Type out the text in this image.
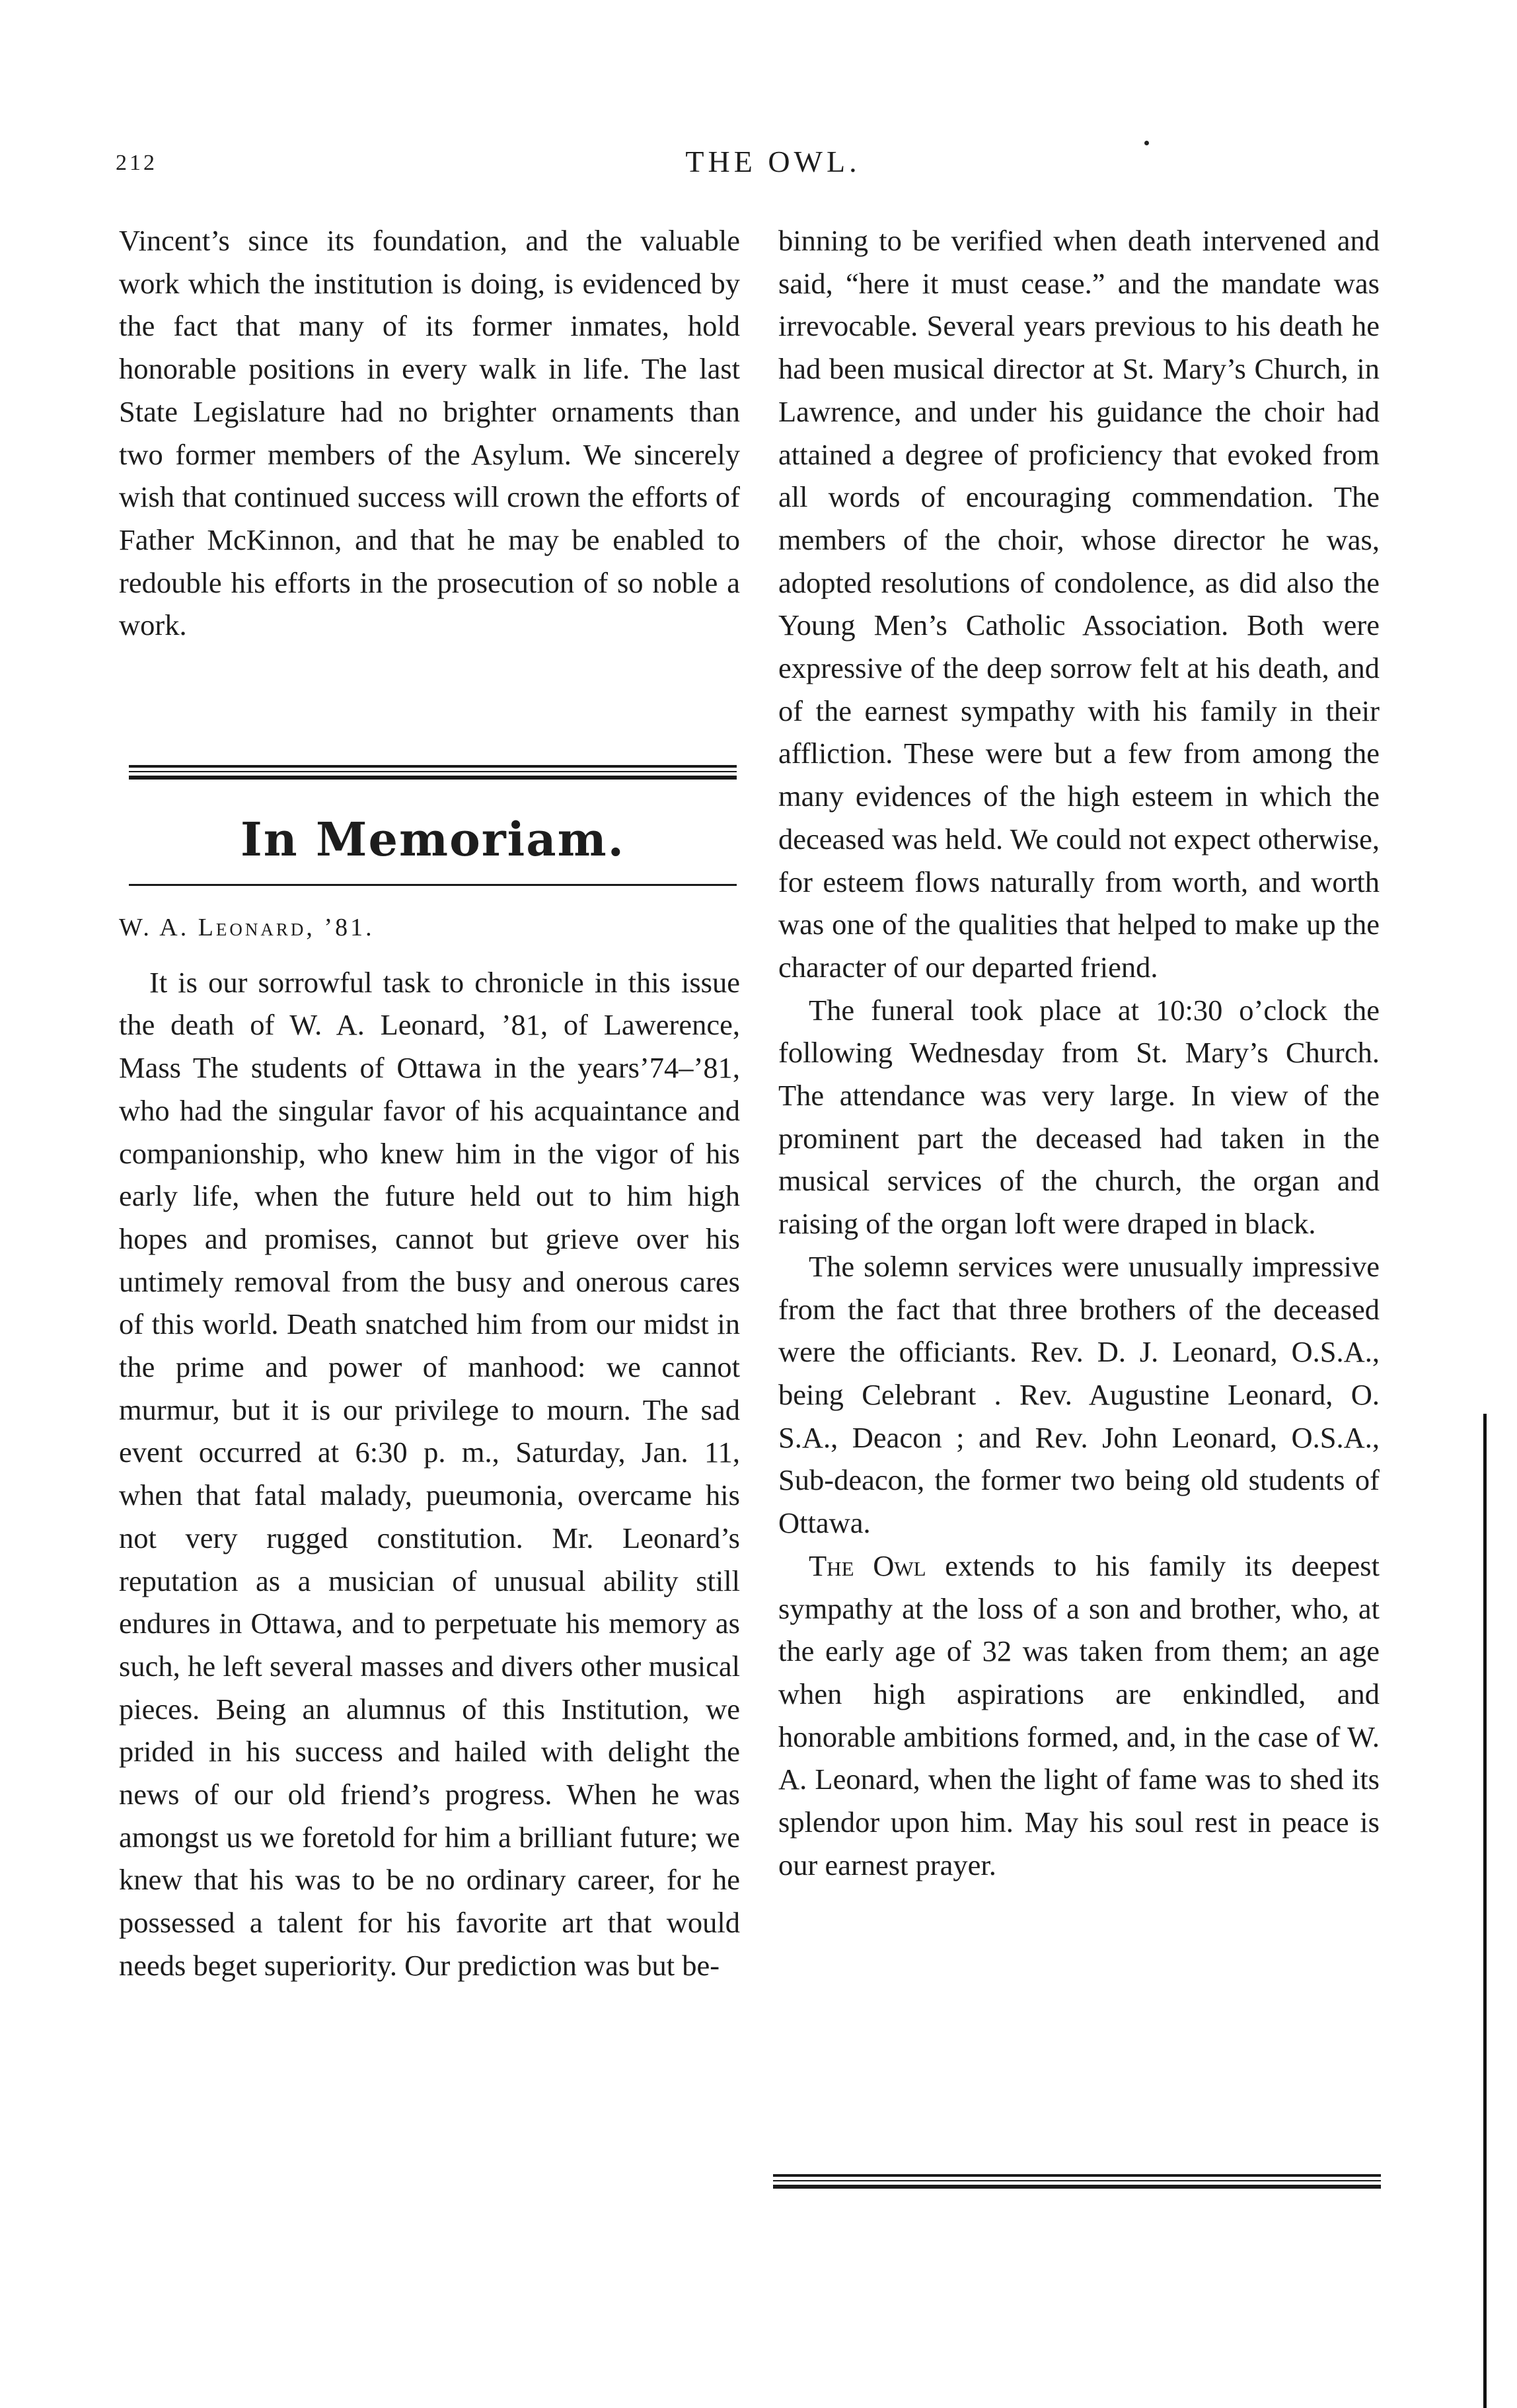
212	THE OWL.

Vincent’s since its foundation, and the valuable work which the institution is doing, is evidenced by the fact that many of its former inmates, hold honorable positions in every walk in life. The last State Legislature had no brighter ornaments than two former members of the Asylum. We sincerely wish that continued success will crown the efforts of Father McKinnon, and that he may be enabled to redouble his efforts in the prosecution of so noble a work.

In Memoriam.

W. A. Leonard, ’81.

It is our sorrowful task to chronicle in this issue the death of W. A. Leonard, ’81, of Lawerence, Mass The students of Ottawa in the years’74–’81, who had the singular favor of his acquaintance and companionship, who knew him in the vigor of his early life, when the future held out to him high hopes and promises, cannot but grieve over his untimely removal from the busy and onerous cares of this world. Death snatched him from our midst in the prime and power of manhood: we cannot murmur, but it is our privilege to mourn. The sad event occurred at 6:30 p. m., Saturday, Jan. 11, when that fatal malady, pueumonia, overcame his not very rugged constitution. Mr. Leonard’s reputation as a musician of unusual ability still endures in Ottawa, and to perpetuate his memory as such, he left several masses and divers other musical pieces. Being an alumnus of this Institution, we prided in his success and hailed with delight the news of our old friend’s progress. When he was amongst us we foretold for him a brilliant future; we knew that his was to be no ordinary career, for he possessed a talent for his favorite art that would needs beget superiority. Our prediction was but be-

binning to be verified when death intervened and said, “here it must cease.” and the mandate was irrevocable. Several years previous to his death he had been musical director at St. Mary’s Church, in Lawrence, and under his guidance the choir had attained a degree of proficiency that evoked from all words of encouraging commendation. The members of the choir, whose director he was, adopted resolutions of condolence, as did also the Young Men’s Catholic Association. Both were expressive of the deep sorrow felt at his death, and of the earnest sympathy with his family in their affliction. These were but a few from among the many evidences of the high esteem in which the deceased was held. We could not expect otherwise, for esteem flows naturally from worth, and worth was one of the qualities that helped to make up the character of our departed friend.

The funeral took place at 10:30 o’clock the following Wednesday from St. Mary’s Church. The attendance was very large. In view of the prominent part the deceased had taken in the musical services of the church, the organ and raising of the organ loft were draped in black.

The solemn services were unusually impressive from the fact that three brothers of the deceased were the officiants. Rev. D. J. Leonard, O.S.A., being Celebrant . Rev. Augustine Leonard, O. S.A., Deacon ; and Rev. John Leonard, O.S.A., Sub-deacon, the former two being old students of Ottawa.

The Owl extends to his family its deepest sympathy at the loss of a son and brother, who, at the early age of 32 was taken from them; an age when high aspirations are enkindled, and honorable ambitions formed, and, in the case of W. A. Leonard, when the light of fame was to shed its splendor upon him. May his soul rest in peace is our earnest prayer.
